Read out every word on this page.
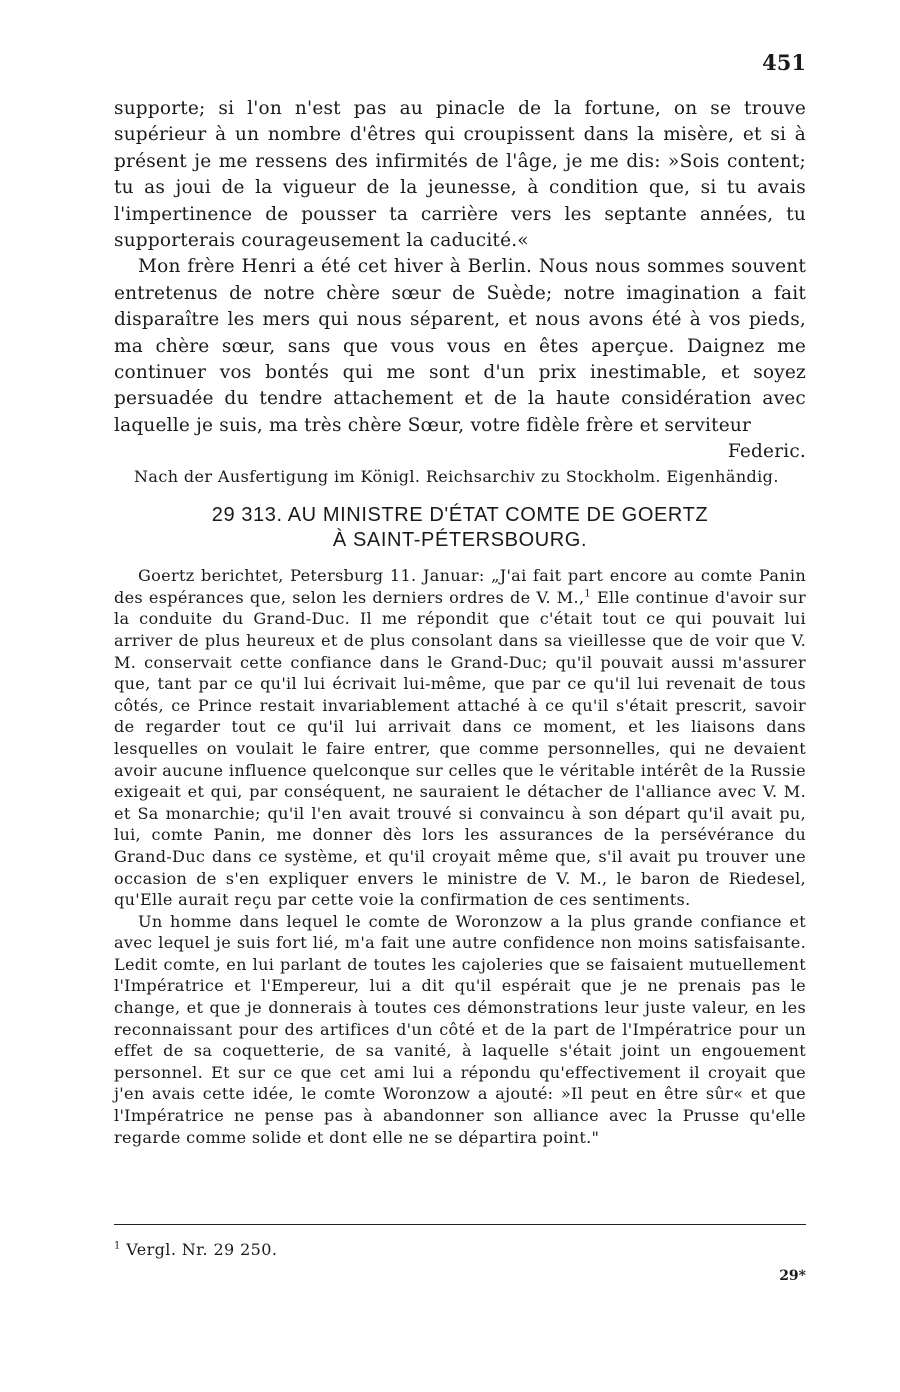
451

supporte; si l'on n'est pas au pinacle de la fortune, on se trouve supérieur à un nombre d'êtres qui croupissent dans la misère, et si à présent je me ressens des infirmités de l'âge, je me dis: »Sois content; tu as joui de la vigueur de la jeunesse, à condition que, si tu avais l'impertinence de pousser ta carrière vers les septante années, tu supporterais courageusement la caducité.«

Mon frère Henri a été cet hiver à Berlin. Nous nous sommes souvent entretenus de notre chère sœur de Suède; notre imagination a fait disparaître les mers qui nous séparent, et nous avons été à vos pieds, ma chère sœur, sans que vous vous en êtes aperçue. Daignez me continuer vos bontés qui me sont d'un prix inestimable, et soyez persuadée du tendre attachement et de la haute considération avec laquelle je suis, ma très chère Sœur, votre fidèle frère et serviteur

Federic.

Nach der Ausfertigung im Königl. Reichsarchiv zu Stockholm. Eigenhändig.

29 313. AU MINISTRE D'ÉTAT COMTE DE GOERTZ
À SAINT-PÉTERSBOURG.

Goertz berichtet, Petersburg 11. Januar: „J'ai fait part encore au comte Panin des espérances que, selon les derniers ordres de V. M.,$^1$ Elle continue d'avoir sur la conduite du Grand-Duc. Il me répondit que c'était tout ce qui pouvait lui arriver de plus heureux et de plus consolant dans sa vieillesse que de voir que V. M. conservait cette confiance dans le Grand-Duc; qu'il pouvait aussi m'assurer que, tant par ce qu'il lui écrivait lui-même, que par ce qu'il lui revenait de tous côtés, ce Prince restait invariablement attaché à ce qu'il s'était prescrit, savoir de regarder tout ce qu'il lui arrivait dans ce moment, et les liaisons dans lesquelles on voulait le faire entrer, que comme personnelles, qui ne devaient avoir aucune influence quelconque sur celles que le véritable intérêt de la Russie exigeait et qui, par conséquent, ne sauraient le détacher de l'alliance avec V. M. et Sa monarchie; qu'il l'en avait trouvé si convaincu à son départ qu'il avait pu, lui, comte Panin, me donner dès lors les assurances de la persévérance du Grand-Duc dans ce système, et qu'il croyait même que, s'il avait pu trouver une occasion de s'en expliquer envers le ministre de V. M., le baron de Riedesel, qu'Elle aurait reçu par cette voie la confirmation de ces sentiments.

Un homme dans lequel le comte de Woronzow a la plus grande confiance et avec lequel je suis fort lié, m'a fait une autre confidence non moins satisfaisante. Ledit comte, en lui parlant de toutes les cajoleries que se faisaient mutuellement l'Impératrice et l'Empereur, lui a dit qu'il espérait que je ne prenais pas le change, et que je donnerais à toutes ces démonstrations leur juste valeur, en les reconnaissant pour des artifices d'un côté et de la part de l'Impératrice pour un effet de sa coquetterie, de sa vanité, à laquelle s'était joint un engouement personnel. Et sur ce que cet ami lui a répondu qu'effectivement il croyait que j'en avais cette idée, le comte Woronzow a ajouté: »Il peut en être sûr« et que l'Impératrice ne pense pas à abandonner son alliance avec la Prusse qu'elle regarde comme solide et dont elle ne se départira point."

$^1$ Vergl. Nr. 29 250.
29*
